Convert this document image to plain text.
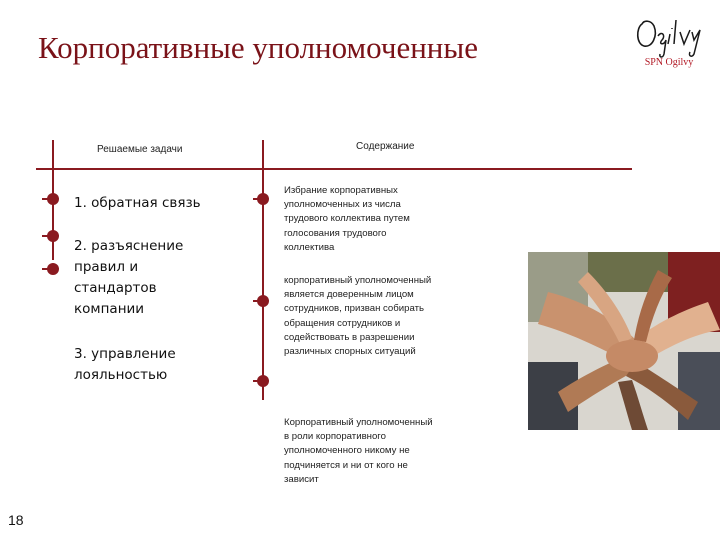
Корпоративные уполномоченные	SPN Ogilvy
Решаемые задачи	Содержание
1. обратная связь
2. разъяснение правил и стандартов компании
3. управление лояльностью
Избрание корпоративных уполномоченных из числа трудового коллектива путем голосования трудового коллектива
корпоративный уполномоченный является доверенным лицом сотрудников, призван собирать обращения сотрудников и содействовать в разрешении различных спорных ситуаций
Корпоративный уполномоченный в роли корпоративного уполномоченного никому не подчиняется и ни от кого не зависит
18
